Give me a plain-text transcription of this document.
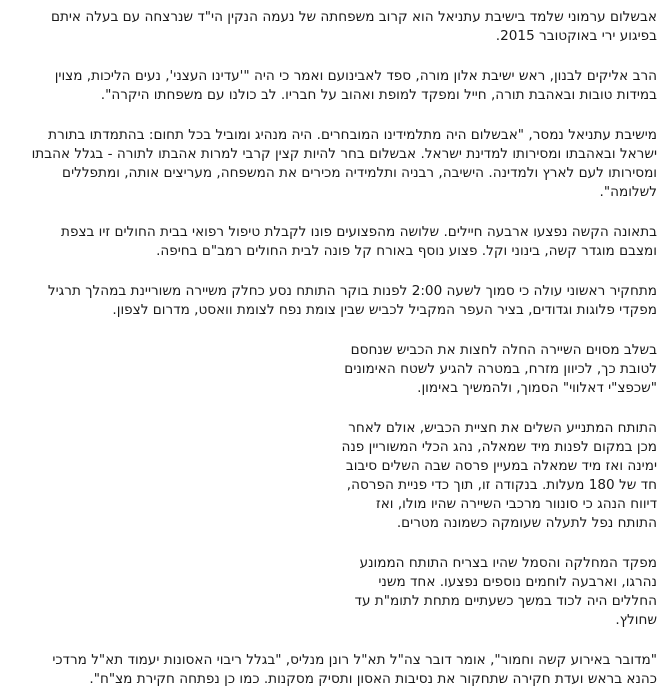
אבשלום ערמוני שלמד בישיבת עתניאל הוא קרוב משפחתה של נעמה הנקין הי"ד שנרצחה עם בעלה איתם
בפיגוע ירי באוקטובר 2015.

הרב אליקים לבנון, ראש ישיבת אלון מורה, ספד לאבינועם ואמר כי היה "'עדינו העצני', נעים הליכות, מצוין
במידות טובות ובאהבת תורה, חייל ומפקד למופת ואהוב על חבריו. לב כולנו עם משפחתו היקרה".

מישיבת עתניאל נמסר, "אבשלום היה מתלמידינו המובחרים. היה מנהיג ומוביל בכל תחום: בהתמדתו בתורת
ישראל ובאהבתו ומסירותו למדינת ישראל. אבשלום בחר להיות קצין קרבי למרות אהבתו לתורה - בגלל אהבתו
ומסירותו לעם לארץ ולמדינה. הישיבה, רבניה ותלמידיה מכירים את המשפחה, מעריצים אותה, ומתפללים
לשלומה".

בתאונה הקשה נפצעו ארבעה חיילים. שלושה מהפצועים פונו לקבלת טיפול רפואי בבית החולים זיו בצפת
ומצבם מוגדר קשה, בינוני וקל. פצוע נוסף באורח קל פונה לבית החולים רמב"ם בחיפה.

מתחקיר ראשוני עולה כי סמוך לשעה 2:00 לפנות בוקר התותח נסע כחלק משיירה משוריינת במהלך תרגיל
מפקדי פלוגות וגדודים, בציר העפר המקביל לכביש שבין צומת נפח לצומת וואסט, מדרום לצפון.

בשלב מסוים השיירה החלה לחצות את הכביש שנחסם
לטובת כך, לכיוון מזרח, במטרה להגיע לשטח האימונים
"שכפצ"י דאלווי" הסמוך, ולהמשיך באימון.

התותח המתנייע השלים את חציית הכביש, אולם לאחר
מכן במקום לפנות מיד שמאלה, נהג הכלי המשוריין פנה
ימינה ואז מיד שמאלה במעיין פרסה שבה השלים סיבוב
חד של 180 מעלות. בנקודה זו, תוך כדי פניית הפרסה,
דיווח הנהג כי סונוור מרכבי השיירה שהיו מולו, ואז
התותח נפל לתעלה שעומקה כשמונה מטרים.

מפקד המחלקה והסמל שהיו בצריח התותח הממונע
נהרגו, וארבעה לוחמים נוספים נפצעו. אחד משני
החללים היה לכוד במשך כשעתיים מתחת לתומ"ת עד
שחולץ.

"מדובר באירוע קשה וחמור", אומר דובר צה"ל תא"ל רונן מנליס, "בגלל ריבוי האסונות יעמוד תא"ל מרדכי
כהנא בראש ועדת חקירה שתחקור את נסיבות האסון ותסיק מסקנות. כמו כן נפתחה חקירת מצ"ח".
